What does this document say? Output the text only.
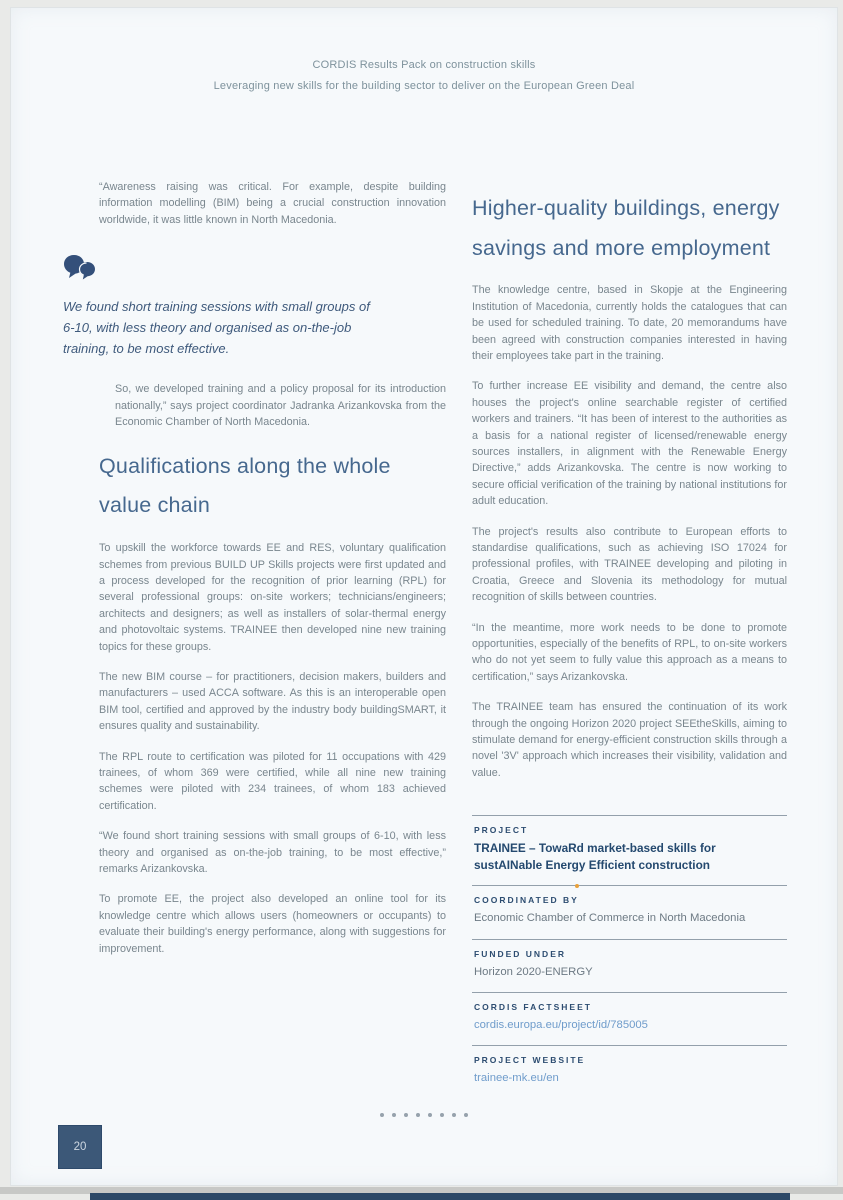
CORDIS Results Pack on construction skills
Leveraging new skills for the building sector to deliver on the European Green Deal

“Awareness raising was critical. For example, despite building information modelling (BIM) being a crucial construction innovation worldwide, it was little known in North Macedonia.

We found short training sessions with small groups of 6-10, with less theory and organised as on-the-job training, to be most effective.

So, we developed training and a policy proposal for its introduction nationally,” says project coordinator Jadranka Arizankovska from the Economic Chamber of North Macedonia.

Qualifications along the whole value chain

To upskill the workforce towards EE and RES, voluntary qualification schemes from previous BUILD UP Skills projects were first updated and a process developed for the recognition of prior learning (RPL) for several professional groups: on-site workers; technicians/engineers; architects and designers; as well as installers of solar-thermal energy and photovoltaic systems. TRAINEE then developed nine new training topics for these groups.

The new BIM course – for practitioners, decision makers, builders and manufacturers – used ACCA software. As this is an interoperable open BIM tool, certified and approved by the industry body buildingSMART, it ensures quality and sustainability.

The RPL route to certification was piloted for 11 occupations with 429 trainees, of whom 369 were certified, while all nine new training schemes were piloted with 234 trainees, of whom 183 achieved certification.

“We found short training sessions with small groups of 6-10, with less theory and organised as on-the-job training, to be most effective,” remarks Arizankovska.

To promote EE, the project also developed an online tool for its knowledge centre which allows users (homeowners or occupants) to evaluate their building's energy performance, along with suggestions for improvement.

Higher-quality buildings, energy savings and more employment

The knowledge centre, based in Skopje at the Engineering Institution of Macedonia, currently holds the catalogues that can be used for scheduled training. To date, 20 memorandums have been agreed with construction companies interested in having their employees take part in the training.

To further increase EE visibility and demand, the centre also houses the project's online searchable register of certified workers and trainers. “It has been of interest to the authorities as a basis for a national register of licensed/renewable energy sources installers, in alignment with the Renewable Energy Directive,” adds Arizankovska. The centre is now working to secure official verification of the training by national institutions for adult education.

The project's results also contribute to European efforts to standardise qualifications, such as achieving ISO 17024 for professional profiles, with TRAINEE developing and piloting in Croatia, Greece and Slovenia its methodology for mutual recognition of skills between countries.

“In the meantime, more work needs to be done to promote opportunities, especially of the benefits of RPL, to on-site workers who do not yet seem to fully value this approach as a means to certification,” says Arizankovska.

The TRAINEE team has ensured the continuation of its work through the ongoing Horizon 2020 project SEEtheSkills, aiming to stimulate demand for energy-efficient construction skills through a novel '3V' approach which increases their visibility, validation and value.

PROJECT
TRAINEE – TowaRd market-based skills for sustAINable Energy Efficient construction
COORDINATED BY
Economic Chamber of Commerce in North Macedonia
FUNDED UNDER
Horizon 2020-ENERGY
CORDIS FACTSHEET
cordis.europa.eu/project/id/785005
PROJECT WEBSITE
trainee-mk.eu/en
20
